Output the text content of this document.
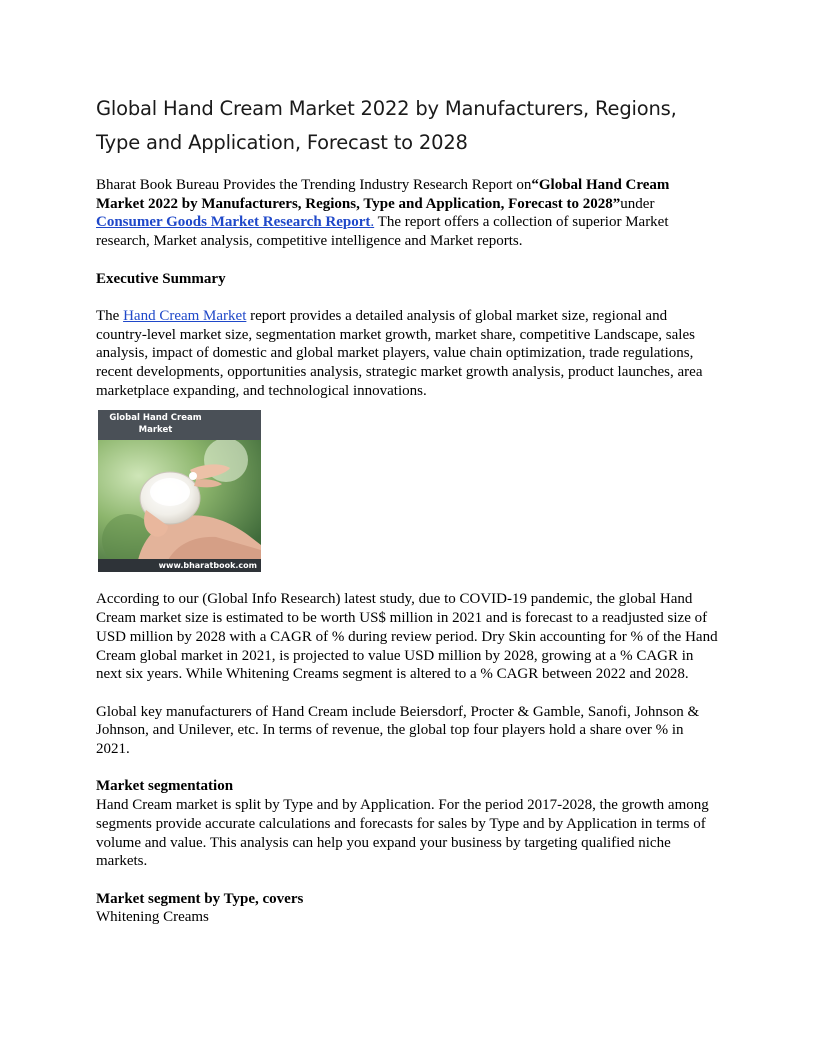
Global Hand Cream Market 2022 by Manufacturers, Regions, Type and Application, Forecast to 2028

Bharat Book Bureau Provides the Trending Industry Research Report on“Global Hand Cream Market 2022 by Manufacturers, Regions, Type and Application, Forecast to 2028”under Consumer Goods Market Research Report. The report offers a collection of superior Market research, Market analysis, competitive intelligence and Market reports.

Executive Summary

The Hand Cream Market report provides a detailed analysis of global market size, regional and country-level market size, segmentation market growth, market share, competitive Landscape, sales analysis, impact of domestic and global market players, value chain optimization, trade regulations, recent developments, opportunities analysis, strategic market growth analysis, product launches, area marketplace expanding, and technological innovations.

Global Hand Cream
Market
www.bharatbook.com

According to our (Global Info Research) latest study, due to COVID-19 pandemic, the global Hand Cream market size is estimated to be worth US$ million in 2021 and is forecast to a readjusted size of USD million by 2028 with a CAGR of % during review period. Dry Skin accounting for % of the Hand Cream global market in 2021, is projected to value USD million by 2028, growing at a % CAGR in next six years. While Whitening Creams segment is altered to a % CAGR between 2022 and 2028.

Global key manufacturers of Hand Cream include Beiersdorf, Procter & Gamble, Sanofi, Johnson & Johnson, and Unilever, etc. In terms of revenue, the global top four players hold a share over % in 2021.

Market segmentation

Hand Cream market is split by Type and by Application. For the period 2017-2028, the growth among segments provide accurate calculations and forecasts for sales by Type and by Application in terms of volume and value. This analysis can help you expand your business by targeting qualified niche markets.

Market segment by Type, covers

Whitening Creams
